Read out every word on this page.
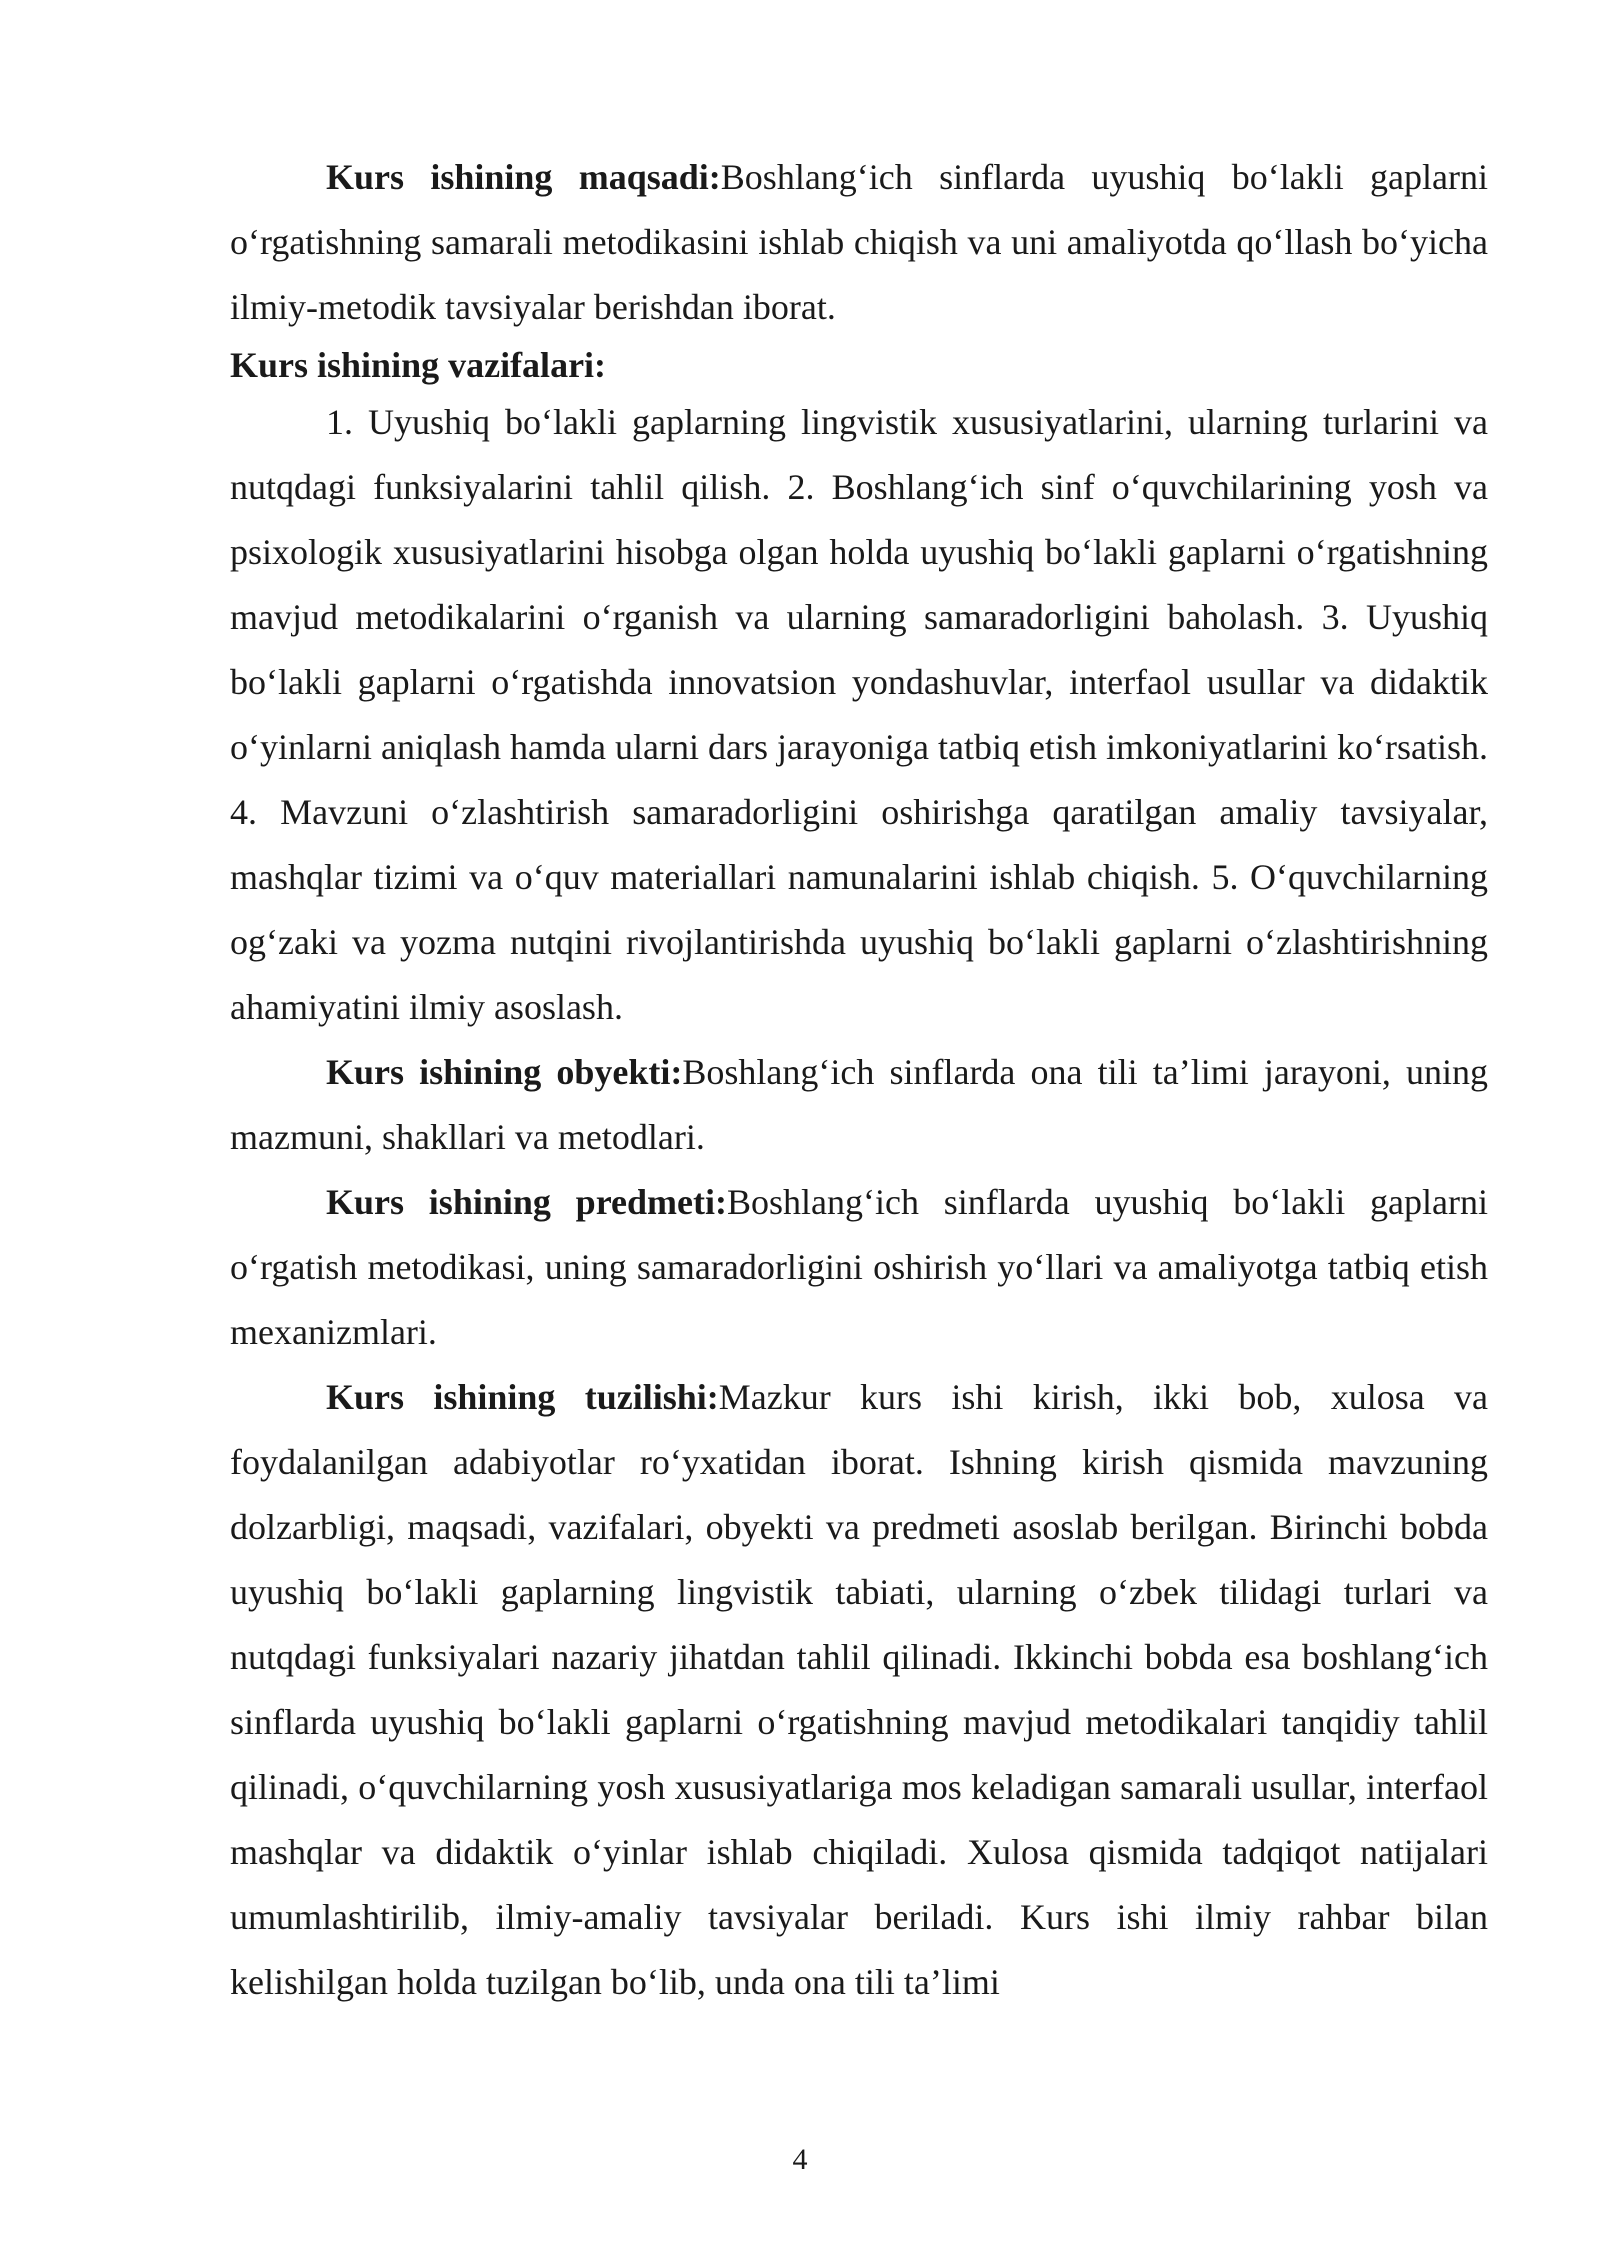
Kurs ishining maqsadi:Boshlang‘ich sinflarda uyushiq bo‘lakli gaplarni o‘rgatishning samarali metodikasini ishlab chiqish va uni amaliyotda qo‘llash bo‘yicha ilmiy-metodik tavsiyalar berishdan iborat.

Kurs ishining vazifalari:

1. Uyushiq bo‘lakli gaplarning lingvistik xususiyatlarini, ularning turlarini va nutqdagi funksiyalarini tahlil qilish. 2. Boshlang‘ich sinf o‘quvchilarining yosh va psixologik xususiyatlarini hisobga olgan holda uyushiq bo‘lakli gaplarni o‘rgatishning mavjud metodikalarini o‘rganish va ularning samaradorligini baholash. 3. Uyushiq bo‘lakli gaplarni o‘rgatishda innovatsion yondashuvlar, interfaol usullar va didaktik o‘yinlarni aniqlash hamda ularni dars jarayoniga tatbiq etish imkoniyatlarini ko‘rsatish. 4. Mavzuni o‘zlashtirish samaradorligini oshirishga qaratilgan amaliy tavsiyalar, mashqlar tizimi va o‘quv materiallari namunalarini ishlab chiqish. 5. O‘quvchilarning og‘zaki va yozma nutqini rivojlantirishda uyushiq bo‘lakli gaplarni o‘zlashtirishning ahamiyatini ilmiy asoslash.

Kurs ishining obyekti:Boshlang‘ich sinflarda ona tili ta’limi jarayoni, uning mazmuni, shakllari va metodlari.

Kurs ishining predmeti:Boshlang‘ich sinflarda uyushiq bo‘lakli gaplarni o‘rgatish metodikasi, uning samaradorligini oshirish yo‘llari va amaliyotga tatbiq etish mexanizmlari.

Kurs ishining tuzilishi:Mazkur kurs ishi kirish, ikki bob, xulosa va foydalanilgan adabiyotlar ro‘yxatidan iborat. Ishning kirish qismida mavzuning dolzarbligi, maqsadi, vazifalari, obyekti va predmeti asoslab berilgan. Birinchi bobda uyushiq bo‘lakli gaplarning lingvistik tabiati, ularning o‘zbek tilidagi turlari va nutqdagi funksiyalari nazariy jihatdan tahlil qilinadi. Ikkinchi bobda esa boshlang‘ich sinflarda uyushiq bo‘lakli gaplarni o‘rgatishning mavjud metodikalari tanqidiy tahlil qilinadi, o‘quvchilarning yosh xususiyatlariga mos keladigan samarali usullar, interfaol mashqlar va didaktik o‘yinlar ishlab chiqiladi. Xulosa qismida tadqiqot natijalari umumlashtirilib, ilmiy-amaliy tavsiyalar beriladi. Kurs ishi ilmiy rahbar bilan kelishilgan holda tuzilgan bo‘lib, unda ona tili ta’limi

4
